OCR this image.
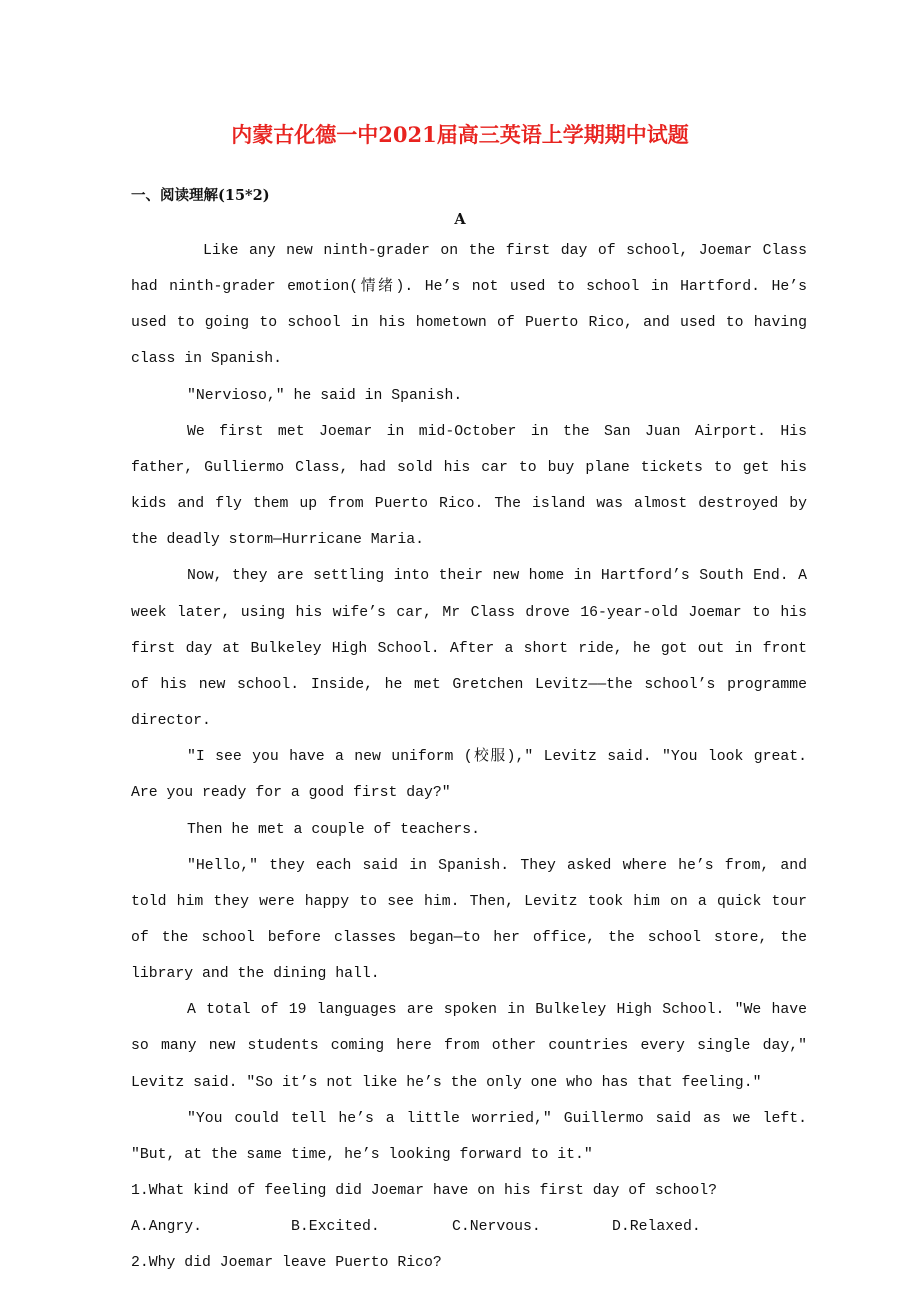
内蒙古化德一中2021届高三英语上学期期中试题
一、阅读理解(15*2)
A

Like any new ninth-grader on the first day of school, Joemar Class had ninth-grader emotion(情绪). He’s not used to school in Hartford. He’s used to going to school in his hometown of Puerto Rico, and used to having class in Spanish.

"Nervioso," he said in Spanish.

We first met Joemar in mid-October in the San Juan Airport. His father, Gulliermo Class, had sold his car to buy plane tickets to get his kids and fly them up from Puerto Rico. The island was almost destroyed by the deadly storm—Hurricane Maria.

Now, they are settling into their new home in Hartford’s South End. A week later, using his wife’s car, Mr Class drove 16-year-old Joemar to his first day at Bulkeley High School. After a short ride, he got out in front of his new school. Inside, he met Gretchen Levitz——the school’s programme director.

"I see you have a new uniform (校服)," Levitz said. "You look great. Are you ready for a good first day?"

Then he met a couple of teachers.

"Hello," they each said in Spanish. They asked where he’s from, and told him they were happy to see him. Then, Levitz took him on a quick tour of the school before classes began—to her office, the school store, the library and the dining hall.

A total of 19 languages are spoken in Bulkeley High School. "We have so many new students coming here from other countries every single day," Levitz said. "So it’s not like he’s the only one who has that feeling."

"You could tell he’s a little worried," Guillermo said as we left. "But, at the same time, he’s looking forward to it."

1.What kind of feeling did Joemar have on his first day of school?

A.Angry.	B.Excited.	C.Nervous.	D.Relaxed.

2.Why did Joemar leave Puerto Rico?
